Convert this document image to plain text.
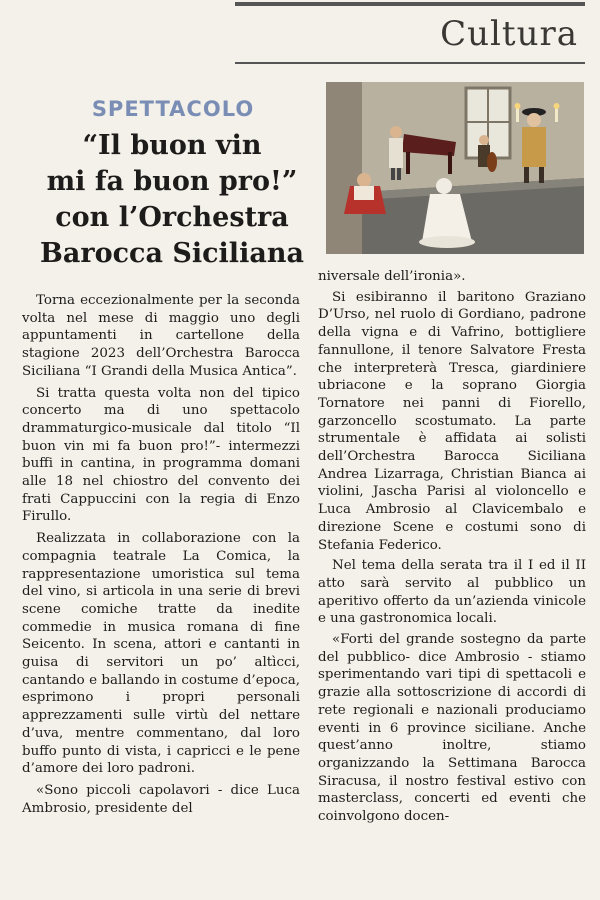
Cultura
SPETTACOLO
“Il buon vin
mi fa buon pro!”
con l’Orchestra
Barocca Siciliana

Torna eccezionalmente per la seconda volta nel mese di maggio uno degli appuntamenti in cartellone della stagione 2023 dell’Orchestra Barocca Siciliana “I Grandi della Musica Antica”.

Si tratta questa volta non del tipico concerto ma di uno spettacolo drammaturgico-musicale dal titolo “Il buon vin mi fa buon pro!”- intermezzi buffi in cantina, in programma domani alle 18 nel chiostro del convento dei frati Cappuccini con la regia di Enzo Firullo.

Realizzata in collaborazione con la compagnia teatrale La Comica, la rappresentazione umoristica sul tema del vino, si articola in una serie di brevi scene comiche tratte da inedite commedie in musica romana di fine Seicento. In scena, attori e cantanti in guisa di servitori un po’ altìcci, cantando e ballando in costume d’epoca, esprimono i propri personali apprezzamenti sulle virtù del nettare d’uva, mentre commentano, dal loro buffo punto di vista, i capricci e le pene d’amore dei loro padroni.

«Sono piccoli capolavori - dice Luca Ambrosio, presidente del

niversale dell’ironia».

Si esibiranno il baritono Graziano D’Urso, nel ruolo di Gordiano, padrone della vigna e di Vafrino, bottigliere fannullone, il tenore Salvatore Fresta che interpreterà Tresca, giardiniere ubriacone e la soprano Giorgia Tornatore nei panni di Fiorello, garzoncello scostumato. La parte strumentale è affidata ai solisti dell’Orchestra Barocca Siciliana Andrea Lizarraga, Christian Bianca ai violini, Jascha Parisi al violoncello e Luca Ambrosio al Clavicembalo e direzione Scene e costumi sono di Stefania Federico.

Nel tema della serata tra il I ed il II atto sarà servito al pubblico un aperitivo offerto da un’azienda vinicole e una gastronomica locali.

«Forti del grande sostegno da parte del pubblico- dice Ambrosio - stiamo sperimentando vari tipi di spettacoli e grazie alla sottoscrizione di accordi di rete regionali e nazionali produciamo eventi in 6 province siciliane. Anche quest’anno inoltre, stiamo organizzando la Settimana Barocca Siracusa, il nostro festival estivo con masterclass, concerti ed eventi che coinvolgono docen-
